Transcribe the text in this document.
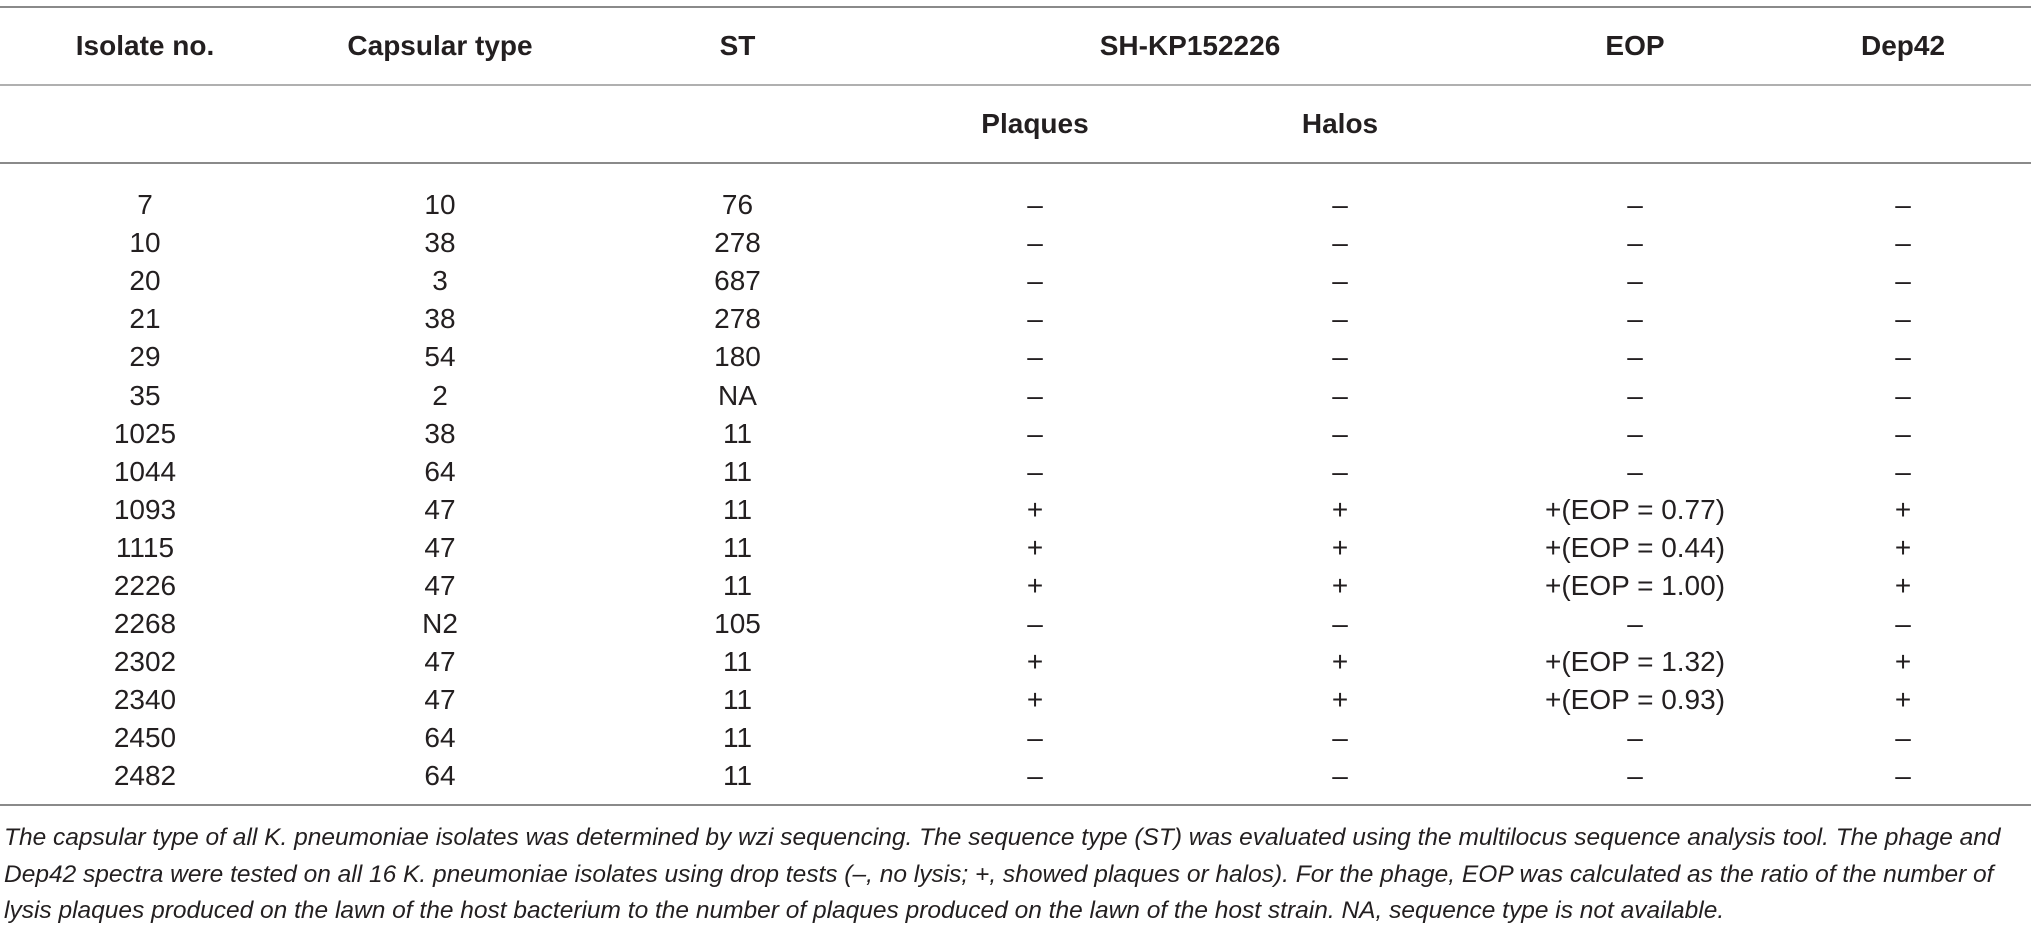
Isolate no.	Capsular type	ST	SH-KP152226		EOP	Dep42
			Plaques	Halos		

7	10	76	–	–	–	–
10	38	278	–	–	–	–
20	3	687	–	–	–	–
21	38	278	–	–	–	–
29	54	180	–	–	–	–
35	2	NA	–	–	–	–
1025	38	11	–	–	–	–
1044	64	11	–	–	–	–
1093	47	11	+	+	+(EOP = 0.77)	+
1115	47	11	+	+	+(EOP = 0.44)	+
2226	47	11	+	+	+(EOP = 1.00)	+
2268	N2	105	–	–	–	–
2302	47	11	+	+	+(EOP = 1.32)	+
2340	47	11	+	+	+(EOP = 0.93)	+
2450	64	11	–	–	–	–
2482	64	11	–	–	–	–

The capsular type of all K. pneumoniae isolates was determined by wzi sequencing. The sequence type (ST) was evaluated using the multilocus sequence analysis tool. The phage and Dep42 spectra were tested on all 16 K. pneumoniae isolates using drop tests (–, no lysis; +, showed plaques or halos). For the phage, EOP was calculated as the ratio of the number of lysis plaques produced on the lawn of the host bacterium to the number of plaques produced on the lawn of the host strain. NA, sequence type is not available.
